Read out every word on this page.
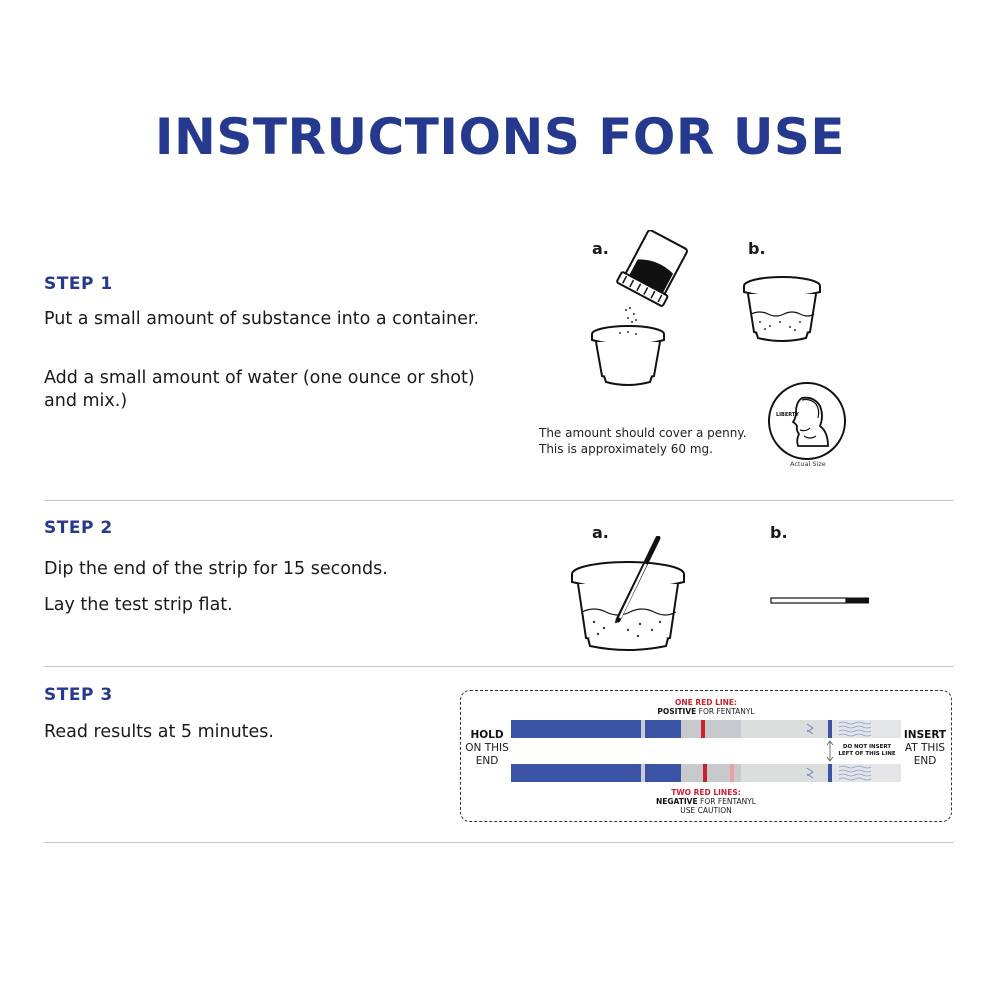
INSTRUCTIONS FOR USE
STEP 1
Put a small amount of substance into a container.
Add a small amount of water (one ounce or shot) and mix.)
a.	b.
LIBERTY
Actual Size
The amount should cover a penny.
This is approximately 60 mg.
STEP 2
Dip the end of the strip for 15 seconds.
Lay the test strip flat.
a.	b.
STEP 3
Read results at 5 minutes.
ONE RED LINE:
POSITIVE FOR FENTANYL
HOLD
ON THIS
END
INSERT
AT THIS
END
DO NOT INSERT
LEFT OF THIS LINE
TWO RED LINES:
NEGATIVE FOR FENTANYL
USE CAUTION
